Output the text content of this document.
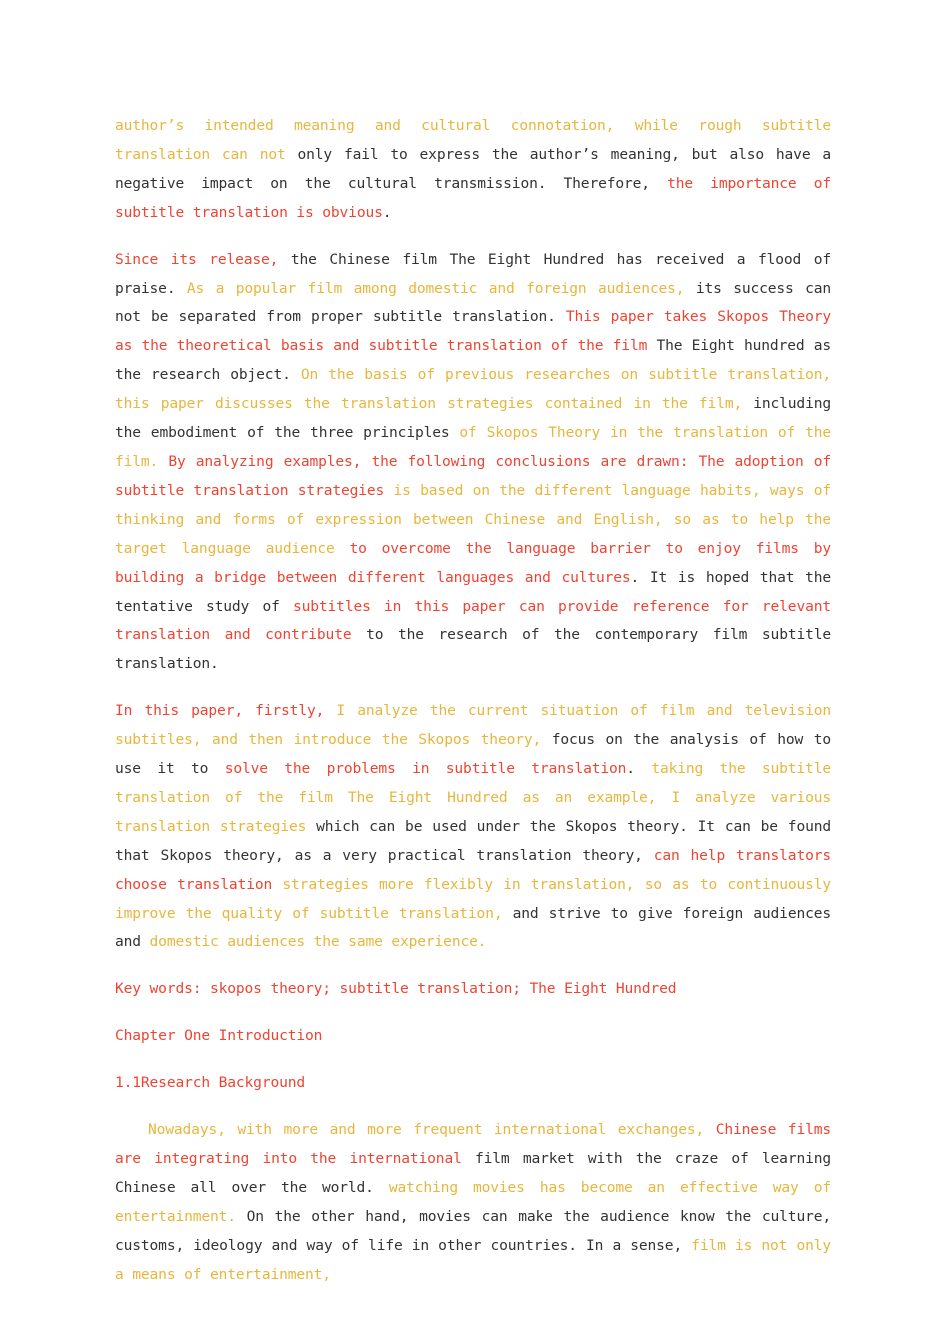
author’s intended meaning and cultural connotation, while rough subtitle translation can not only fail to express the author’s meaning, but also have a negative impact on the cultural transmission. Therefore, the importance of subtitle translation is obvious.

Since its release, the Chinese film The Eight Hundred has received a flood of praise. As a popular film among domestic and foreign audiences, its success can not be separated from proper subtitle translation. This paper takes Skopos Theory as the theoretical basis and subtitle translation of the film The Eight hundred as the research object. On the basis of previous researches on subtitle translation, this paper discusses the translation strategies contained in the film, including the embodiment of the three principles of Skopos Theory in the translation of the film. By analyzing examples, the following conclusions are drawn: The adoption of subtitle translation strategies is based on the different language habits, ways of thinking and forms of expression between Chinese and English, so as to help the target language audience to overcome the language barrier to enjoy films by building a bridge between different languages and cultures. It is hoped that the tentative study of subtitles in this paper can provide reference for relevant translation and contribute to the research of the contemporary film subtitle translation.

In this paper, firstly, I analyze the current situation of film and television subtitles, and then introduce the Skopos theory, focus on the analysis of how to use it to solve the problems in subtitle translation. taking the subtitle translation of the film The Eight Hundred as an example, I analyze various translation strategies which can be used under the Skopos theory. It can be found that Skopos theory, as a very practical translation theory, can help translators choose translation strategies more flexibly in translation, so as to continuously improve the quality of subtitle translation, and strive to give foreign audiences and domestic audiences the same experience.

Key words: skopos theory; subtitle translation; The Eight Hundred

Chapter One Introduction

1.1Research Background

Nowadays, with more and more frequent international exchanges, Chinese films are integrating into the international film market with the craze of learning Chinese all over the world. watching movies has become an effective way of entertainment. On the other hand, movies can make the audience know the culture, customs, ideology and way of life in other countries. In a sense, film is not only a means of entertainment,
